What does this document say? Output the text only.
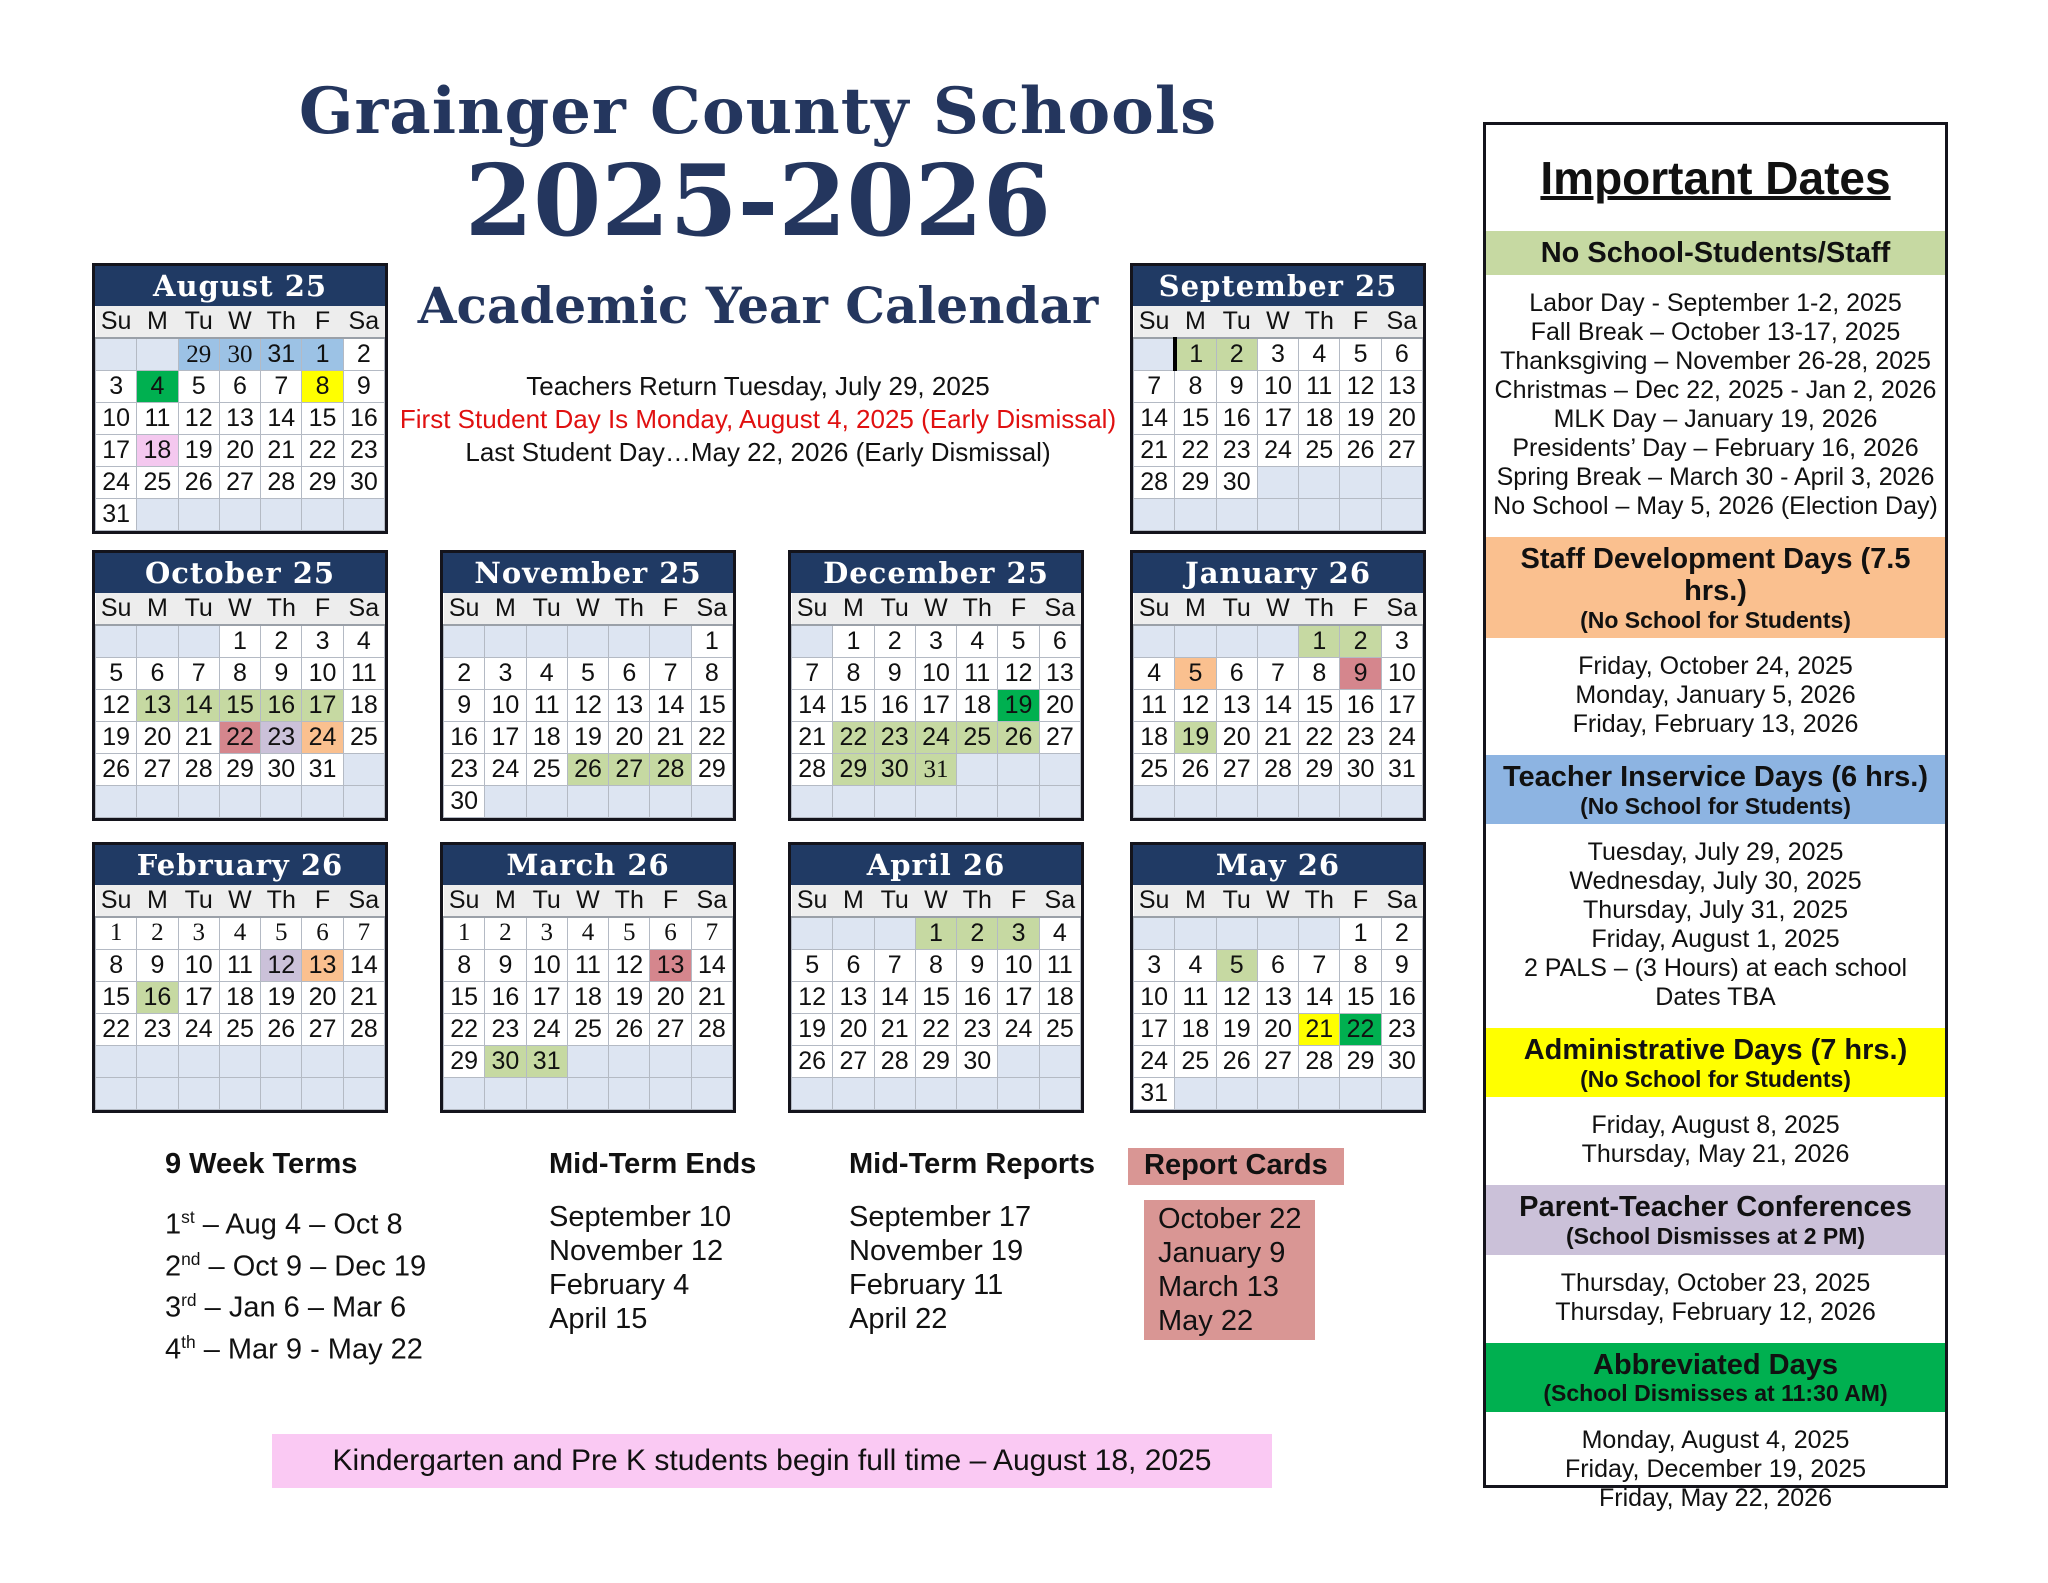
Grainger County Schools
2025-2026
Academic Year Calendar
Teachers Return Tuesday, July 29, 2025
First Student Day Is Monday, August 4, 2025 (Early Dismissal)
Last Student Day…May 22, 2026 (Early Dismissal)
August 25
Su	M	Tu	W	Th	F	Sa
		29	30	31	1	2
3	4	5	6	7	8	9
10	11	12	13	14	15	16
17	18	19	20	21	22	23
24	25	26	27	28	29	30
31						
September 25
Su	M	Tu	W	Th	F	Sa
	1	2	3	4	5	6
7	8	9	10	11	12	13
14	15	16	17	18	19	20
21	22	23	24	25	26	27
28	29	30				

October 25
Su	M	Tu	W	Th	F	Sa
			1	2	3	4
5	6	7	8	9	10	11
12	13	14	15	16	17	18
19	20	21	22	23	24	25
26	27	28	29	30	31	

November 25
Su	M	Tu	W	Th	F	Sa
						1
2	3	4	5	6	7	8
9	10	11	12	13	14	15
16	17	18	19	20	21	22
23	24	25	26	27	28	29
30						
December 25
Su	M	Tu	W	Th	F	Sa
	1	2	3	4	5	6
7	8	9	10	11	12	13
14	15	16	17	18	19	20
21	22	23	24	25	26	27
28	29	30	31			

January 26
Su	M	Tu	W	Th	F	Sa
				1	2	3
4	5	6	7	8	9	10
11	12	13	14	15	16	17
18	19	20	21	22	23	24
25	26	27	28	29	30	31

February 26
Su	M	Tu	W	Th	F	Sa
1	2	3	4	5	6	7
8	9	10	11	12	13	14
15	16	17	18	19	20	21
22	23	24	25	26	27	28

March 26
Su	M	Tu	W	Th	F	Sa
1	2	3	4	5	6	7
8	9	10	11	12	13	14
15	16	17	18	19	20	21
22	23	24	25	26	27	28
29	30	31				

April 26
Su	M	Tu	W	Th	F	Sa
			1	2	3	4
5	6	7	8	9	10	11
12	13	14	15	16	17	18
19	20	21	22	23	24	25
26	27	28	29	30		

May 26
Su	M	Tu	W	Th	F	Sa
					1	2
3	4	5	6	7	8	9
10	11	12	13	14	15	16
17	18	19	20	21	22	23
24	25	26	27	28	29	30
31						
Important Dates
No School-Students/Staff
Labor Day - September 1-2, 2025
Fall Break – October 13-17, 2025
Thanksgiving – November 26-28, 2025
Christmas – Dec 22, 2025 - Jan 2, 2026
MLK Day – January 19, 2026
Presidents’ Day – February 16, 2026
Spring Break – March 30 - April 3, 2026
No School – May 5, 2026 (Election Day)
Staff Development Days (7.5 hrs.)
(No School for Students)
Friday, October 24, 2025
Monday, January 5, 2026
Friday, February 13, 2026
Teacher Inservice Days (6 hrs.)
(No School for Students)
Tuesday, July 29, 2025
Wednesday, July 30, 2025
Thursday, July 31, 2025
Friday, August 1, 2025
2 PALS – (3 Hours) at each school
Dates TBA
Administrative Days (7 hrs.)
(No School for Students)
Friday, August 8, 2025
Thursday, May 21, 2026
Parent-Teacher Conferences
(School Dismisses at 2 PM)
Thursday, October 23, 2025
Thursday, February 12, 2026
Abbreviated Days
(School Dismisses at 11:30 AM)
Monday, August 4, 2025
Friday, December 19, 2025
Friday, May 22, 2026
9 Week Terms
1st – Aug 4 – Oct 8
2nd – Oct 9 – Dec 19
3rd – Jan 6 – Mar 6
4th – Mar 9 - May 22
Mid-Term Ends
September 10
November 12
February 4
April 15
Mid-Term Reports
September 17
November 19
February 11
April 22
Report Cards
October 22
January 9
March 13
May 22
Kindergarten and Pre K students begin full time – August 18, 2025
